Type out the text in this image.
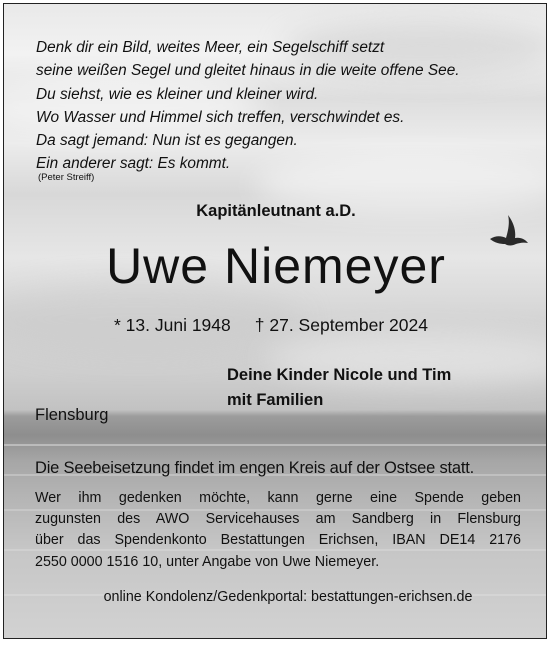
Denk dir ein Bild, weites Meer, ein Segelschiff setzt
seine weißen Segel und gleitet hinaus in die weite offene See.
Du siehst, wie es kleiner und kleiner wird.
Wo Wasser und Himmel sich treffen, verschwindet es.
Da sagt jemand: Nun ist es gegangen.
Ein anderer sagt: Es kommt.

(Peter Streiff)

Kapitänleutnant a.D.

Uwe Niemeyer

* 13. Juni 1948 † 27. September 2024

Deine Kinder Nicole und Tim
mit Familien

Flensburg

Die Seebeisetzung findet im engen Kreis auf der Ostsee statt.

Wer ihm gedenken möchte, kann gerne eine Spende geben
zugunsten des AWO Servicehauses am Sandberg in Flensburg
über das Spendenkonto Bestattungen Erichsen, IBAN DE14 2176
2550 0000 1516 10, unter Angabe von Uwe Niemeyer.

online Kondolenz/Gedenkportal: bestattungen-erichsen.de
